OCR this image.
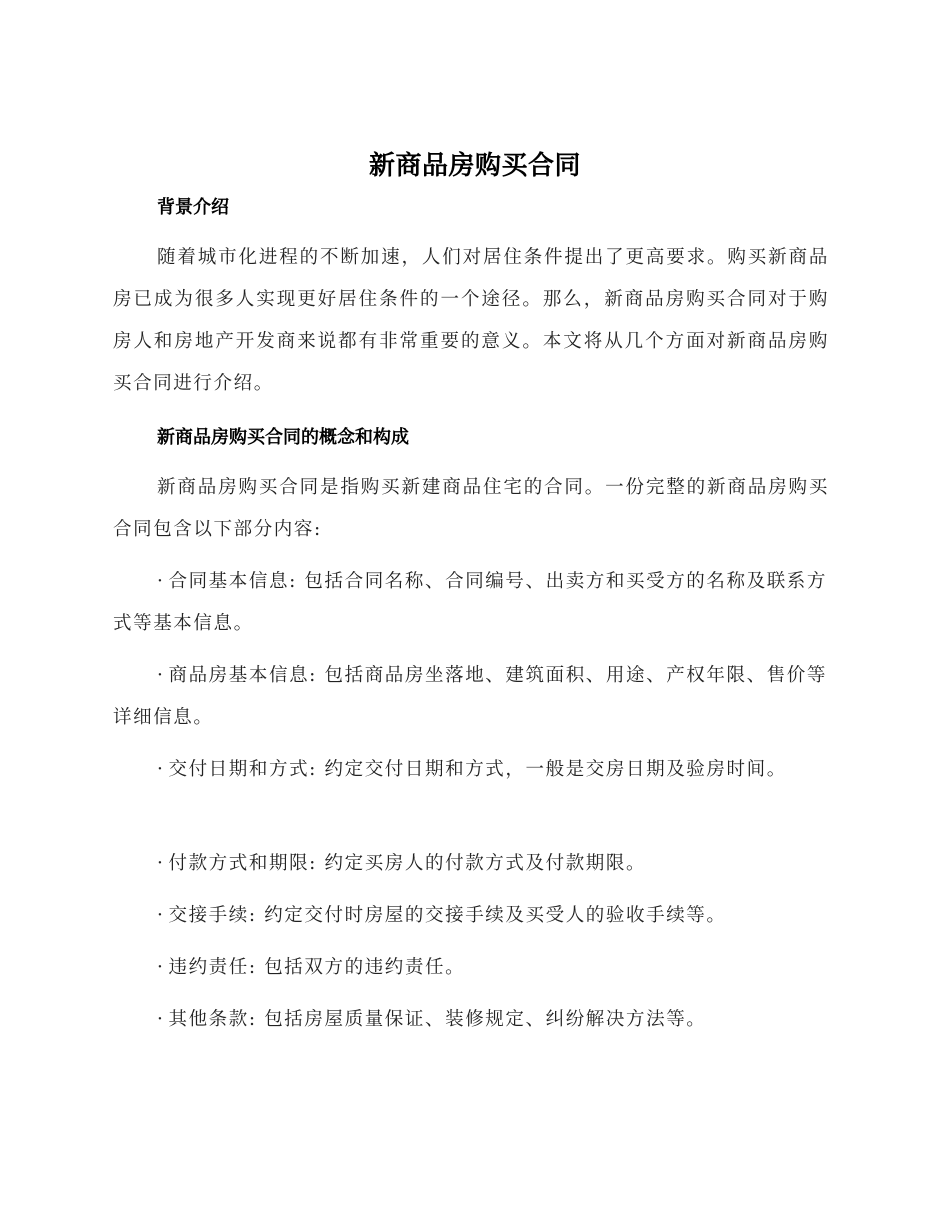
新商品房购买合同
背景介绍
随着城市化进程的不断加速，人们对居住条件提出了更高要求。购买新商品房已成为很多人实现更好居住条件的一个途径。那么，新商品房购买合同对于购房人和房地产开发商来说都有非常重要的意义。本文将从几个方面对新商品房购买合同进行介绍。
新商品房购买合同的概念和构成
新商品房购买合同是指购买新建商品住宅的合同。一份完整的新商品房购买合同包含以下部分内容:
· 合同基本信息: 包括合同名称、合同编号、出卖方和买受方的名称及联系方式等基本信息。
· 商品房基本信息: 包括商品房坐落地、建筑面积、用途、产权年限、售价等详细信息。
· 交付日期和方式: 约定交付日期和方式，一般是交房日期及验房时间。
· 付款方式和期限: 约定买房人的付款方式及付款期限。
· 交接手续: 约定交付时房屋的交接手续及买受人的验收手续等。
· 违约责任: 包括双方的违约责任。
· 其他条款: 包括房屋质量保证、装修规定、纠纷解决方法等。
